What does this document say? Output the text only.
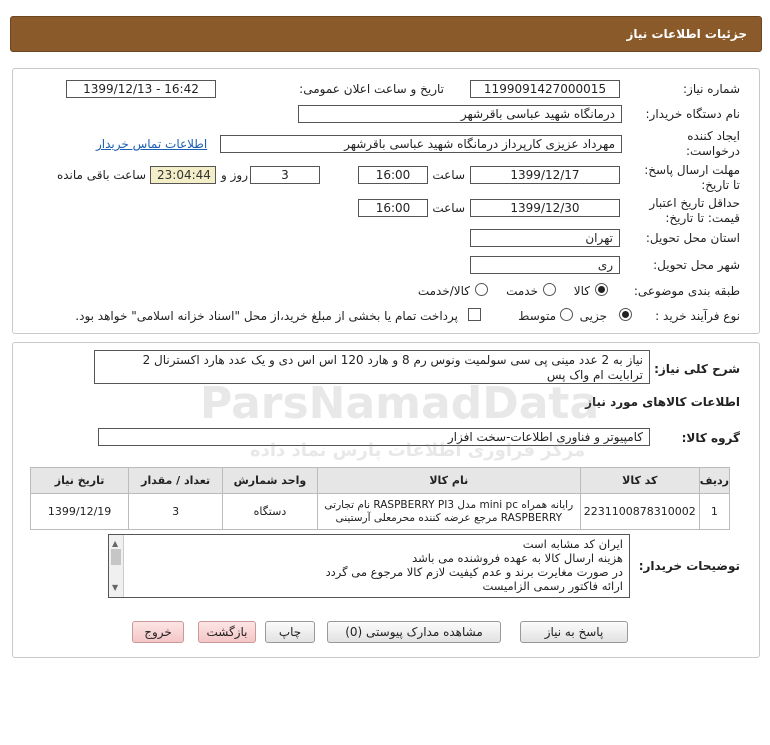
جزئیات اطلاعات نیاز
شماره نیاز:
1199091427000015
تاریخ و ساعت اعلان عمومی:
1399/12/13 - 16:42
نام دستگاه خریدار:
درمانگاه شهید عباسی باقرشهر
ایجاد کننده
درخواست:
مهرداد عزیزی کارپرداز درمانگاه شهید عباسی باقرشهر
اطلاعات تماس خریدار
مهلت ارسال پاسخ:
تا تاریخ:
1399/12/17
ساعت
16:00
3
روز و
23:04:44
ساعت باقی مانده
حداقل تاریخ اعتبار
قیمت: تا تاریخ:
1399/12/30
ساعت
16:00
استان محل تحویل:
تهران
شهر محل تحویل:
ری
طبقه بندی موضوعی:
کالا
خدمت
کالا/خدمت
نوع فرآیند خرید :
جزیی
متوسط
پرداخت تمام یا بخشی از مبلغ خرید،از محل "اسناد خزانه اسلامی" خواهد بود.
شرح کلی نیاز:
نیاز به 2 عدد مینی پی سی سولمیت ونوس رم 8 و هارد 120 اس اس دی و یک عدد هارد اکسترنال 2
ترابایت ام واک پس
اطلاعات کالاهای مورد نیاز
گروه کالا:
کامپیوتر و فناوری اطلاعات-سخت افزار
ردیف	کد کالا	نام کالا	واحد شمارش	تعداد / مقدار	تاریخ نیاز
1	2231100878310002	رایانه همراه mini pc مدل RASPBERRY PI3 نام تجارتی
RASPBERRY مرجع عرضه کننده محرمعلی آرستینی	دستگاه	3	1399/12/19
توضیحات خریدار:
▲
▼
ایران کد مشابه است
هزینه ارسال کالا به عهده فروشنده می باشد
در صورت مغایرت برند و عدم کیفیت لازم کالا مرجوع می گردد
ارائه فاکتور رسمی الزامیست
ParsNamadData
مرکز فراوری اطلاعات پارس نماد داده
پاسخ به نیاز
مشاهده مدارک پیوستی (0)
چاپ
بازگشت
خروج
